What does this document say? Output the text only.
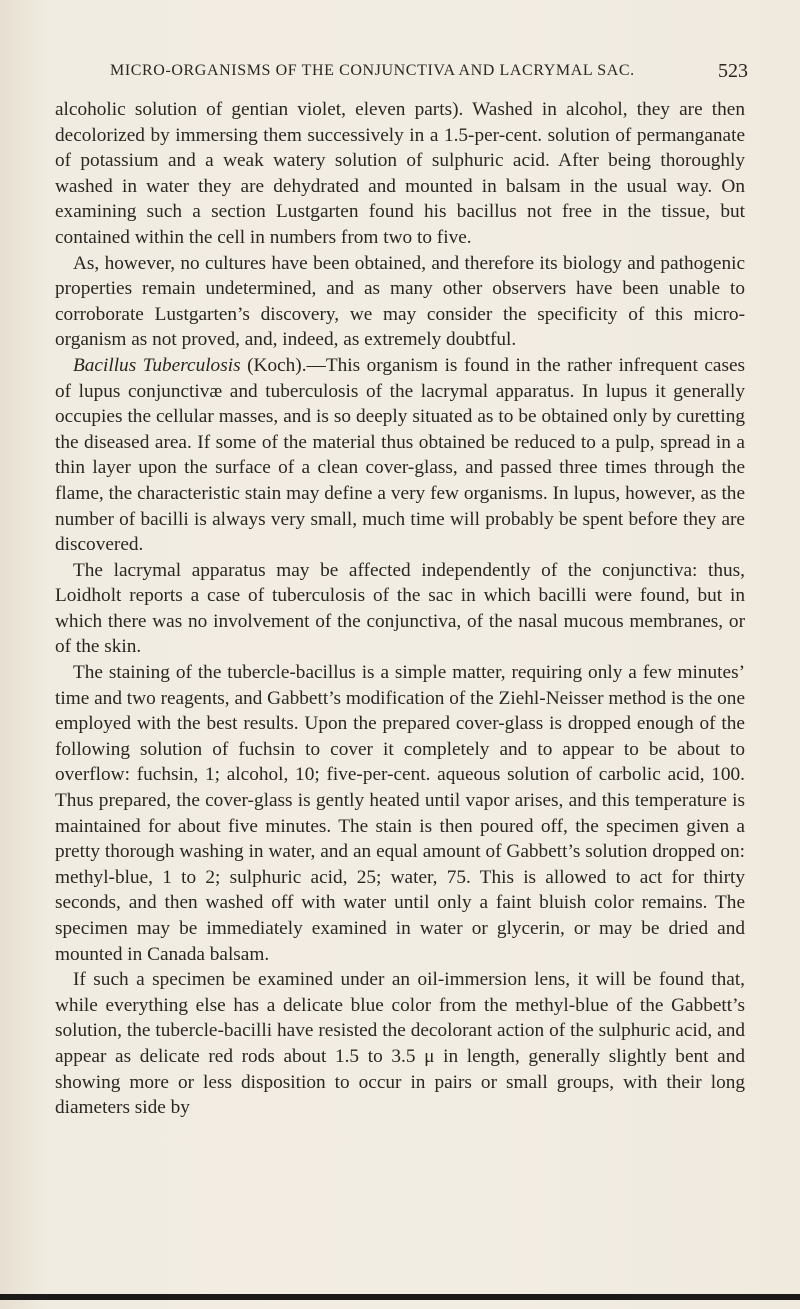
MICRO-ORGANISMS OF THE CONJUNCTIVA AND LACRYMAL SAC.	523

alcoholic solution of gentian violet, eleven parts). Washed in alcohol, they are then decolorized by immersing them successively in a 1.5-per-cent. solution of permanganate of potassium and a weak watery solution of sulphuric acid. After being thoroughly washed in water they are dehydrated and mounted in balsam in the usual way. On examining such a section Lustgarten found his bacillus not free in the tissue, but contained within the cell in numbers from two to five.

As, however, no cultures have been obtained, and therefore its biology and pathogenic properties remain undetermined, and as many other observers have been unable to corroborate Lustgarten’s discovery, we may consider the specificity of this micro-organism as not proved, and, indeed, as extremely doubtful.

Bacillus Tuberculosis (Koch).—This organism is found in the rather infrequent cases of lupus conjunctivæ and tuberculosis of the lacrymal apparatus. In lupus it generally occupies the cellular masses, and is so deeply situated as to be obtained only by curetting the diseased area. If some of the material thus obtained be reduced to a pulp, spread in a thin layer upon the surface of a clean cover-glass, and passed three times through the flame, the characteristic stain may define a very few organisms. In lupus, however, as the number of bacilli is always very small, much time will probably be spent before they are discovered.

The lacrymal apparatus may be affected independently of the conjunctiva: thus, Loidholt reports a case of tuberculosis of the sac in which bacilli were found, but in which there was no involvement of the conjunctiva, of the nasal mucous membranes, or of the skin.

The staining of the tubercle-bacillus is a simple matter, requiring only a few minutes’ time and two reagents, and Gabbett’s modification of the Ziehl-Neisser method is the one employed with the best results. Upon the prepared cover-glass is dropped enough of the following solution of fuchsin to cover it completely and to appear to be about to overflow: fuchsin, 1; alcohol, 10; five-per-cent. aqueous solution of carbolic acid, 100. Thus prepared, the cover-glass is gently heated until vapor arises, and this temperature is maintained for about five minutes. The stain is then poured off, the specimen given a pretty thorough washing in water, and an equal amount of Gabbett’s solution dropped on: methyl-blue, 1 to 2; sulphuric acid, 25; water, 75. This is allowed to act for thirty seconds, and then washed off with water until only a faint bluish color remains. The specimen may be immediately examined in water or glycerin, or may be dried and mounted in Canada balsam.

If such a specimen be examined under an oil-immersion lens, it will be found that, while everything else has a delicate blue color from the methyl-blue of the Gabbett’s solution, the tubercle-bacilli have resisted the decolorant action of the sulphuric acid, and appear as delicate red rods about 1.5 to 3.5 μ in length, generally slightly bent and showing more or less disposition to occur in pairs or small groups, with their long diameters side by
